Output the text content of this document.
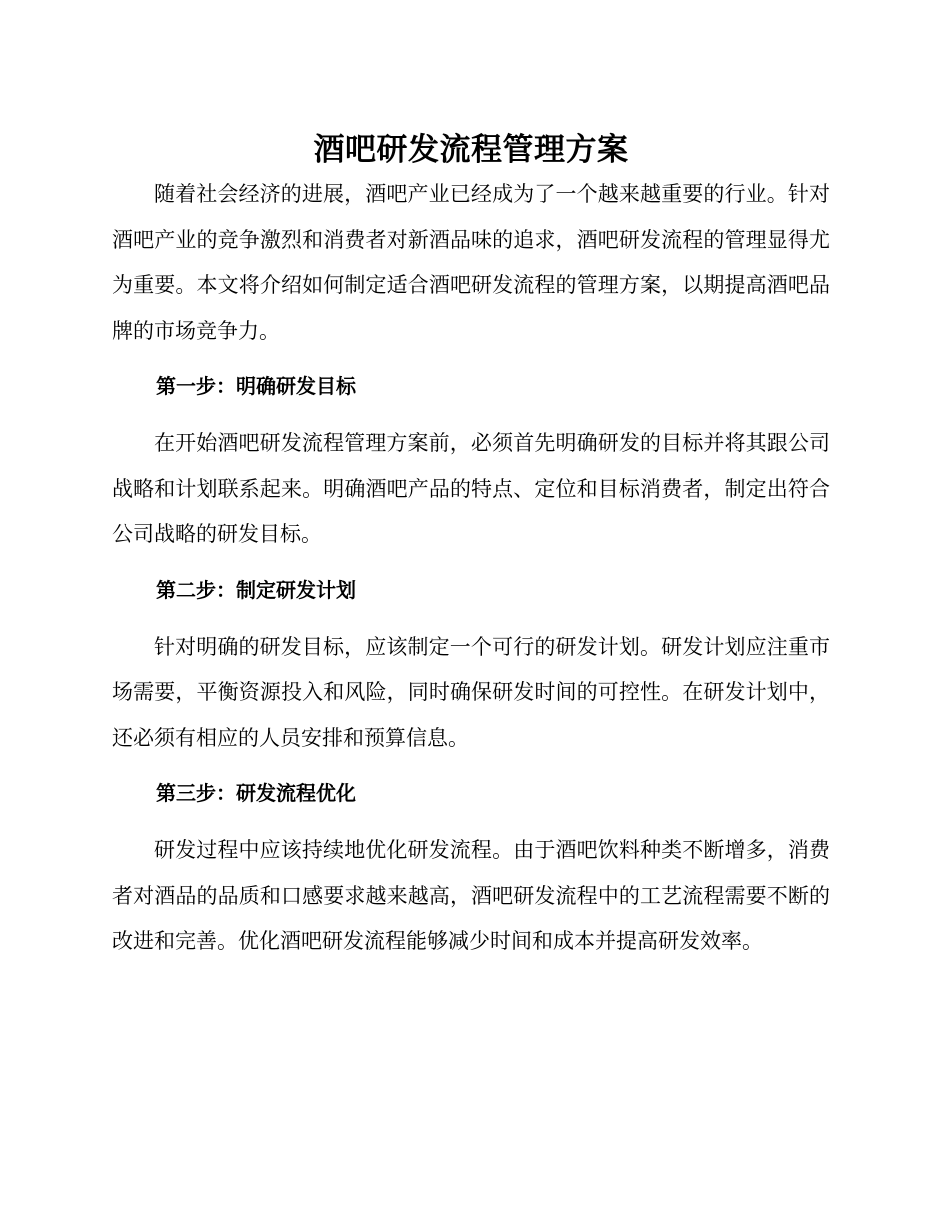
酒吧研发流程管理方案

随着社会经济的进展，酒吧产业已经成为了一个越来越重要的行业。针对酒吧产业的竞争激烈和消费者对新酒品味的追求，酒吧研发流程的管理显得尤为重要。本文将介绍如何制定适合酒吧研发流程的管理方案，以期提高酒吧品牌的市场竞争力。

第一步：明确研发目标

在开始酒吧研发流程管理方案前，必须首先明确研发的目标并将其跟公司战略和计划联系起来。明确酒吧产品的特点、定位和目标消费者，制定出符合公司战略的研发目标。

第二步：制定研发计划

针对明确的研发目标，应该制定一个可行的研发计划。研发计划应注重市场需要，平衡资源投入和风险，同时确保研发时间的可控性。在研发计划中，还必须有相应的人员安排和预算信息。

第三步：研发流程优化

研发过程中应该持续地优化研发流程。由于酒吧饮料种类不断增多，消费者对酒品的品质和口感要求越来越高，酒吧研发流程中的工艺流程需要不断的改进和完善。优化酒吧研发流程能够减少时间和成本并提高研发效率。
